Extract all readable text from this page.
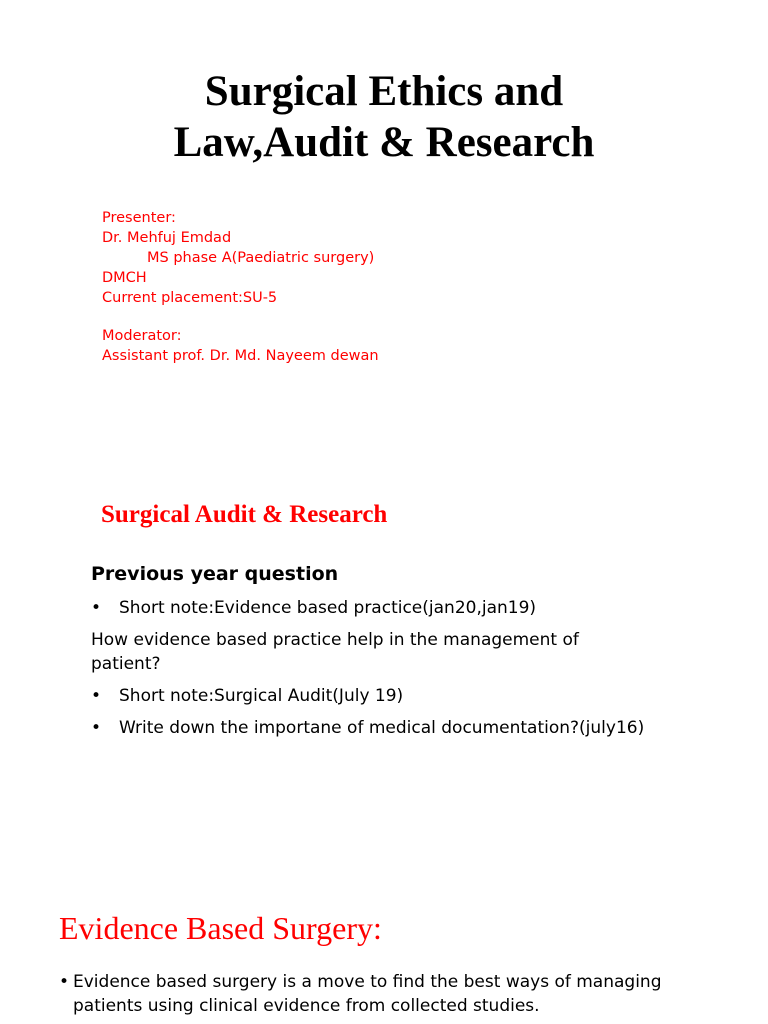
Surgical Ethics and
Law,Audit & Research
Presenter:
Dr. Mehfuj Emdad
MS phase A(Paediatric surgery)
DMCH
Current placement:SU-5
Moderator:
Assistant prof. Dr. Md. Nayeem dewan
Surgical Audit & Research
Previous year question
• Short note:Evidence based practice(jan20,jan19)
How evidence based practice help in the management of patient?
• Short note:Surgical Audit(July 19)
• Write down the importane of medical documentation?(july16)
Evidence Based Surgery:
• Evidence based surgery is a move to find the best ways of managing patients using clinical evidence from collected studies.
